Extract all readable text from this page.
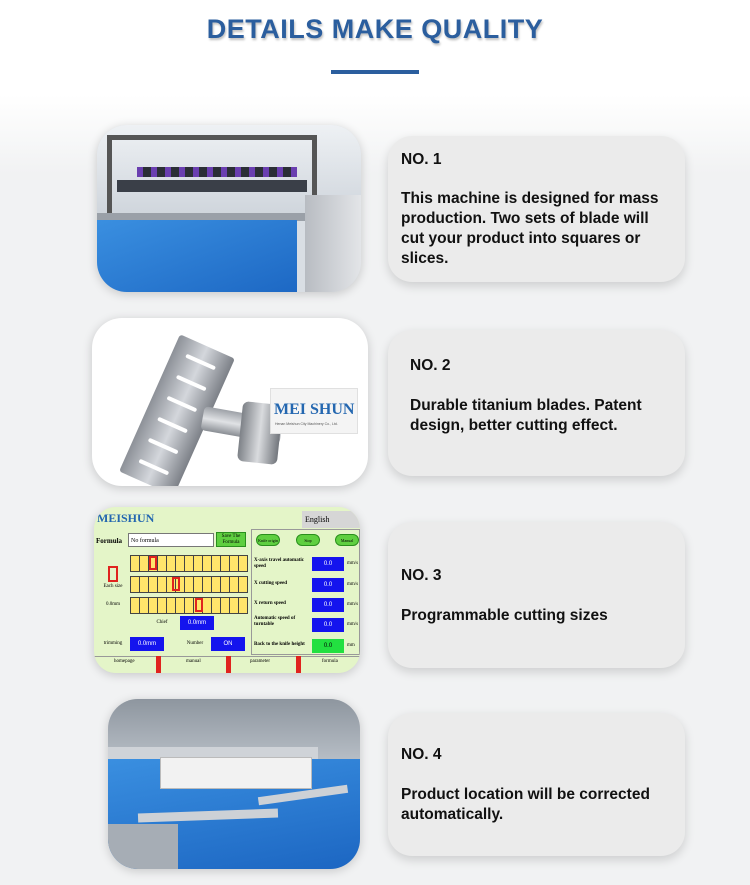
DETAILS MAKE QUALITY
NO. 1
This machine is designed for mass production. Two sets of blade will cut your product into squares or slices.
MEI SHUN
Henan Meishun City Machinery Co., Ltd.
NO. 2
Durable titanium blades. Patent design, better cutting effect.
MEISHUN	English
Formula	No formula
Save The Formula
Each size
0.0mm
Chief	0.0mm
trimming	0.0mm	Number	ON
Knife origin	Stop	Manual
X-axis travel automatic speed	0.0	mm/s
X cutting speed	0.0	mm/s
X return speed	0.0	mm/s
Automatic speed of turntable	0.0	mm/s
Back to the knife height	0.0	mm
homepage	manual	parameter	formula
NO. 3
Programmable cutting sizes
NO. 4
Product location will be corrected automatically.
